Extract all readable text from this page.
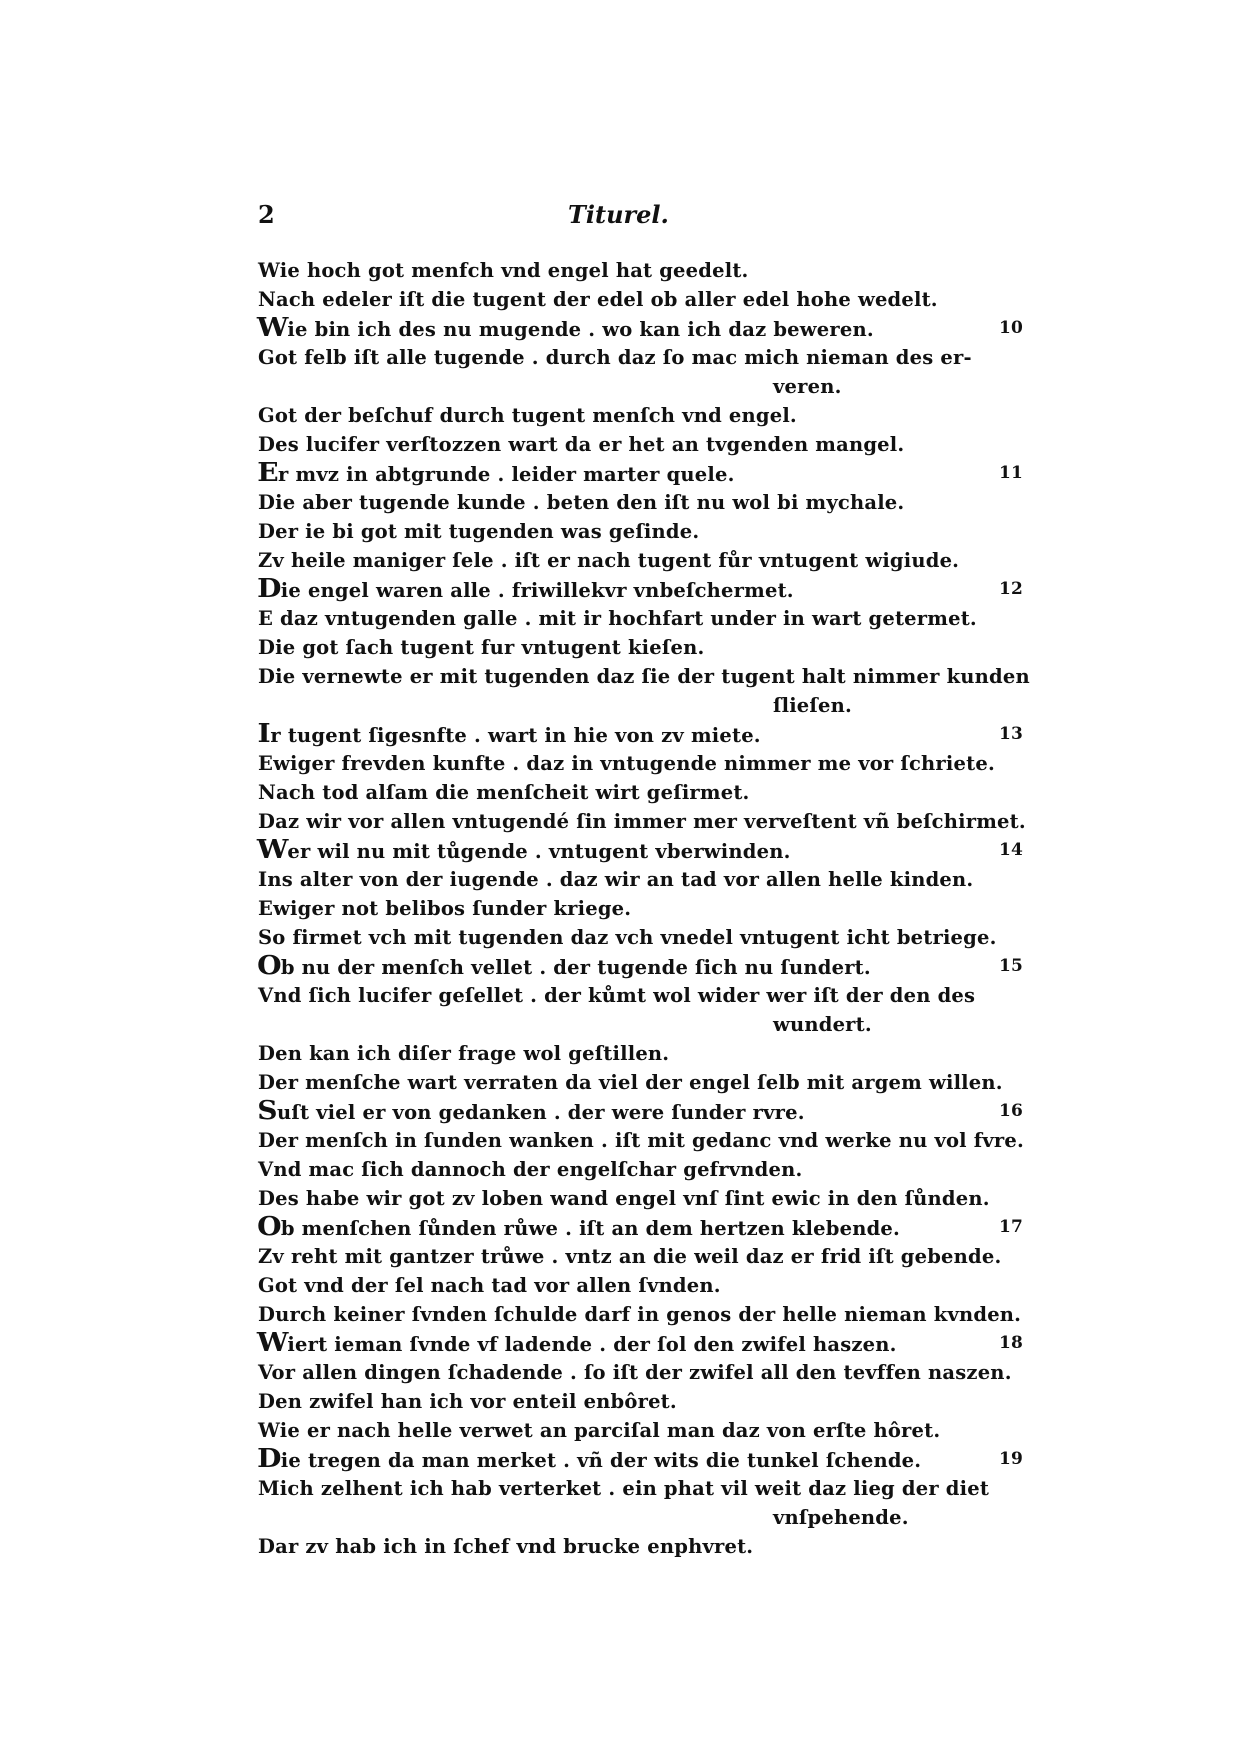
2	Titurel.
Wie hoch got menfch vnd engel hat geedelt.
Nach edeler iſt die tugent der edel ob aller edel hohe wedelt.
Wie bin ich des nu mugende . wo kan ich daz beweren.	10
Got felb iſt alle tugende . durch daz ſo mac mich nieman des er-
veren.
Got der beſchuf durch tugent menſch vnd engel.
Des lucifer verſtozzen wart da er het an tvgenden mangel.
Er mvz in abtgrunde . leider marter quele.	11
Die aber tugende kunde . beten den iſt nu wol bi mychale.
Der ie bi got mit tugenden was geſinde.
Zv heile maniger ſele . iſt er nach tugent fůr vntugent wigiude.
Die engel waren alle . friwillekvr vnbeſchermet.	12
E daz vntugenden galle . mit ir hochfart under in wart getermet.
Die got ſach tugent fur vntugent kieſen.
Die vernewte er mit tugenden daz ſie der tugent halt nimmer kunden
ſlieſen.
Ir tugent ſigesnfte . wart in hie von zv miete.	13
Ewiger frevden kunfte . daz in vntugende nimmer me vor ſchriete.
Nach tod alſam die menſcheit wirt geſirmet.
Daz wir vor allen vntugendé ſin immer mer verveſtent vñ beſchirmet.
Wer wil nu mit tůgende . vntugent vberwinden.	14
Ins alter von der iugende . daz wir an tad vor allen helle kinden.
Ewiger not belibos ſunder kriege.
So firmet vch mit tugenden daz vch vnedel vntugent icht betriege.
Ob nu der menſch vellet . der tugende ſich nu ſundert.	15
Vnd ſich lucifer geſellet . der kůmt wol wider wer iſt der den des
wundert.
Den kan ich diſer frage wol geſtillen.
Der menſche wart verraten da viel der engel ſelb mit argem willen.
Suſt viel er von gedanken . der were ſunder rvre.	16
Der menſch in ſunden wanken . iſt mit gedanc vnd werke nu vol fvre.
Vnd mac ſich dannoch der engelſchar gefrvnden.
Des habe wir got zv loben wand engel vnſ ſint ewic in den ſůnden.
Ob menſchen ſůnden růwe . iſt an dem hertzen klebende.	17
Zv reht mit gantzer trůwe . vntz an die weil daz er frid iſt gebende.
Got vnd der ſel nach tad vor allen ſvnden.
Durch keiner ſvnden ſchulde darf in genos der helle nieman kvnden.
Wiert ieman ſvnde vf ladende . der ſol den zwifel haszen.	18
Vor allen dingen ſchadende . ſo iſt der zwifel all den tevffen naszen.
Den zwifel han ich vor enteil enbôret.
Wie er nach helle verwet an parciſal man daz von erſte hôret.
Die tregen da man merket . vñ der wits die tunkel ſchende.	19
Mich zelhent ich hab verterket . ein phat vil weit daz lieg der diet
vnſpehende.
Dar zv hab ich in ſchef vnd brucke enphvret.
